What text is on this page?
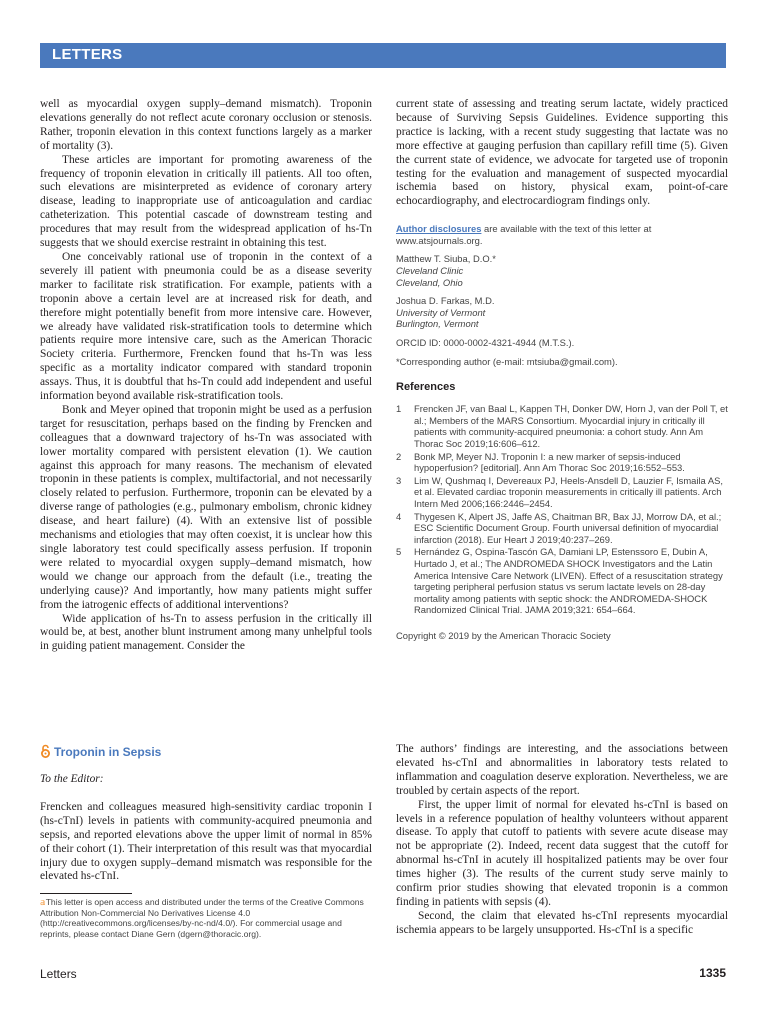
LETTERS

well as myocardial oxygen supply–demand mismatch). Troponin elevations generally do not reflect acute coronary occlusion or stenosis. Rather, troponin elevation in this context functions largely as a marker of mortality (3).

These articles are important for promoting awareness of the frequency of troponin elevation in critically ill patients. All too often, such elevations are misinterpreted as evidence of coronary artery disease, leading to inappropriate use of anticoagulation and cardiac catheterization. This potential cascade of downstream testing and procedures that may result from the widespread application of hs-Tn suggests that we should exercise restraint in obtaining this test.

One conceivably rational use of troponin in the context of a severely ill patient with pneumonia could be as a disease severity marker to facilitate risk stratification. For example, patients with a troponin above a certain level are at increased risk for death, and therefore might potentially benefit from more intensive care. However, we already have validated risk-stratification tools to determine which patients require more intensive care, such as the American Thoracic Society criteria. Furthermore, Frencken found that hs-Tn was less specific as a mortality indicator compared with standard troponin assays. Thus, it is doubtful that hs-Tn could add independent and useful information beyond available risk-stratification tools.

Bonk and Meyer opined that troponin might be used as a perfusion target for resuscitation, perhaps based on the finding by Frencken and colleagues that a downward trajectory of hs-Tn was associated with lower mortality compared with persistent elevation (1). We caution against this approach for many reasons. The mechanism of elevated troponin in these patients is complex, multifactorial, and not necessarily closely related to perfusion. Furthermore, troponin can be elevated by a diverse range of pathologies (e.g., pulmonary embolism, chronic kidney disease, and heart failure) (4). With an extensive list of possible mechanisms and etiologies that may often coexist, it is unclear how this single laboratory test could specifically assess perfusion. If troponin were related to myocardial oxygen supply–demand mismatch, how would we change our approach from the default (i.e., treating the underlying cause)? And importantly, how many patients might suffer from the iatrogenic effects of additional interventions?

Wide application of hs-Tn to assess perfusion in the critically ill would be, at best, another blunt instrument among many unhelpful tools in guiding patient management. Consider the

current state of assessing and treating serum lactate, widely practiced because of Surviving Sepsis Guidelines. Evidence supporting this practice is lacking, with a recent study suggesting that lactate was no more effective at gauging perfusion than capillary refill time (5). Given the current state of evidence, we advocate for targeted use of troponin testing for the evaluation and management of suspected myocardial ischemia based on history, physical exam, point-of-care echocardiography, and electrocardiogram findings only.

Author disclosures are available with the text of this letter at www.atsjournals.org.
Matthew T. Siuba, D.O.*
Cleveland Clinic
Cleveland, Ohio
Joshua D. Farkas, M.D.
University of Vermont
Burlington, Vermont
ORCID ID: 0000-0002-4321-4944 (M.T.S.).
*Corresponding author (e-mail: mtsiuba@gmail.com).
References
1 Frencken JF, van Baal L, Kappen TH, Donker DW, Horn J, van der Poll T, et al.; Members of the MARS Consortium. Myocardial injury in critically ill patients with community-acquired pneumonia: a cohort study. Ann Am Thorac Soc 2019;16:606–612.
2 Bonk MP, Meyer NJ. Troponin I: a new marker of sepsis-induced hypoperfusion? [editorial]. Ann Am Thorac Soc 2019;16:552–553.
3 Lim W, Qushmaq I, Devereaux PJ, Heels-Ansdell D, Lauzier F, Ismaila AS, et al. Elevated cardiac troponin measurements in critically ill patients. Arch Intern Med 2006;166:2446–2454.
4 Thygesen K, Alpert JS, Jaffe AS, Chaitman BR, Bax JJ, Morrow DA, et al.; ESC Scientific Document Group. Fourth universal definition of myocardial infarction (2018). Eur Heart J 2019;40:237–269.
5 Hernández G, Ospina-Tascón GA, Damiani LP, Estenssoro E, Dubin A, Hurtado J, et al.; The ANDROMEDA SHOCK Investigators and the Latin America Intensive Care Network (LIVEN). Effect of a resuscitation strategy targeting peripheral perfusion status vs serum lactate levels on 28-day mortality among patients with septic shock: the ANDROMEDA-SHOCK Randomized Clinical Trial. JAMA 2019;321: 654–664.
Copyright © 2019 by the American Thoracic Society
Troponin in Sepsis

To the Editor:

Frencken and colleagues measured high-sensitivity cardiac troponin I (hs-cTnI) levels in patients with community-acquired pneumonia and sepsis, and reported elevations above the upper limit of normal in 85% of their cohort (1). Their interpretation of this result was that myocardial injury due to oxygen supply–demand mismatch was responsible for the elevated hs-cTnI.

𝕒This letter is open access and distributed under the terms of the Creative Commons Attribution Non-Commercial No Derivatives License 4.0 (http://creativecommons.org/licenses/by-nc-nd/4.0/). For commercial usage and reprints, please contact Diane Gern (dgern@thoracic.org).

The authors’ findings are interesting, and the associations between elevated hs-cTnI and abnormalities in laboratory tests related to inflammation and coagulation deserve exploration. Nevertheless, we are troubled by certain aspects of the report.

First, the upper limit of normal for elevated hs-cTnI is based on levels in a reference population of healthy volunteers without apparent disease. To apply that cutoff to patients with severe acute disease may not be appropriate (2). Indeed, recent data suggest that the cutoff for abnormal hs-cTnI in acutely ill hospitalized patients may be over four times higher (3). The results of the current study serve mainly to confirm prior studies showing that elevated troponin is a common finding in patients with sepsis (4).

Second, the claim that elevated hs-cTnI represents myocardial ischemia appears to be largely unsupported. Hs-cTnI is a specific

Letters	1335
